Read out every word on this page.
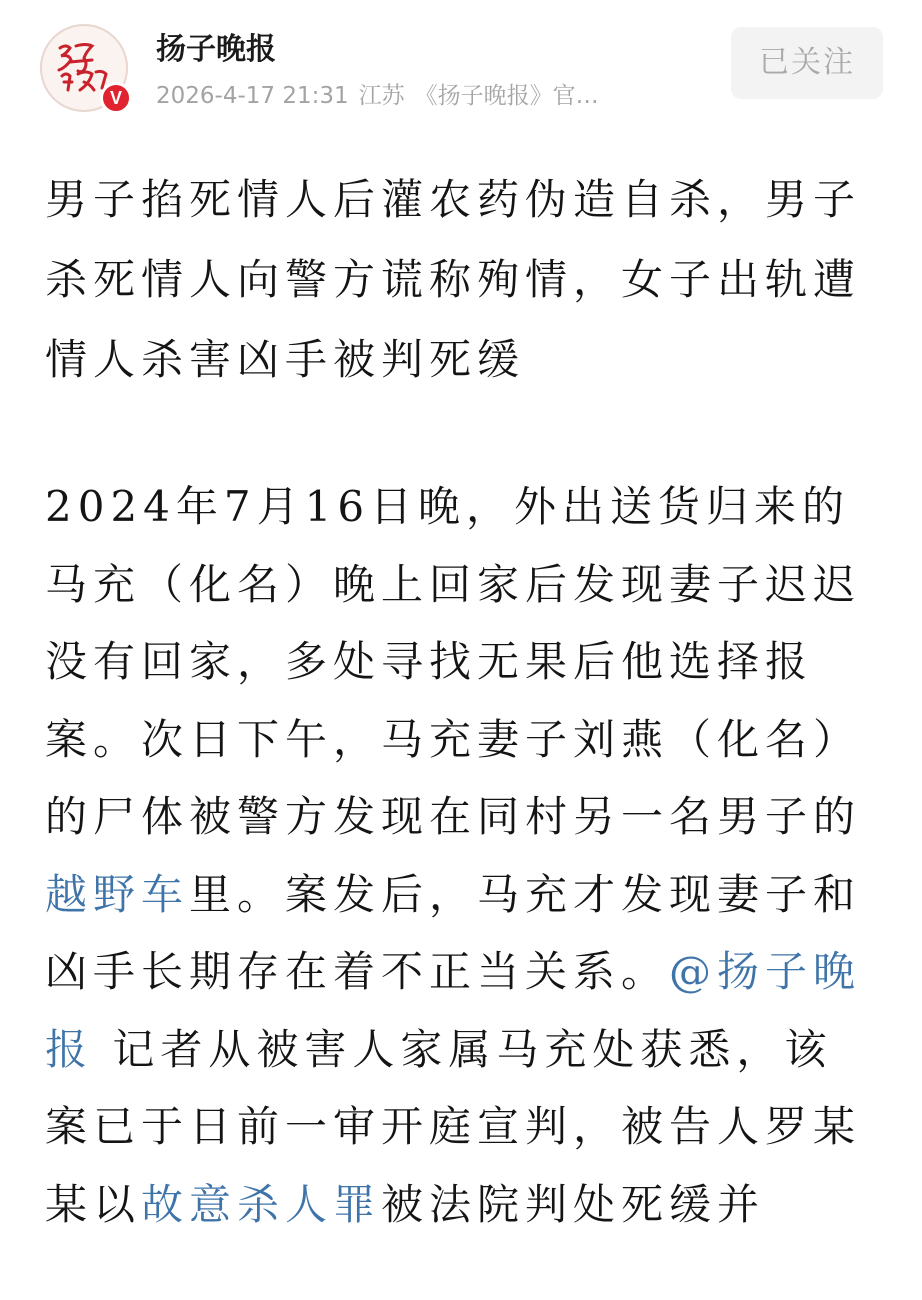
V
扬子晚报
2026-4-17 21:31 江苏 《扬子晚报》官…
已关注
男子掐死情人后灌农药伪造自杀，男子杀死情人向警方谎称殉情，女子出轨遭情人杀害凶手被判死缓

2024年7月16日晚，外出送货归来的马充（化名）晚上回家后发现妻子迟迟没有回家，多处寻找无果后他选择报案。次日下午，马充妻子刘燕（化名）的尸体被警方发现在同村另一名男子的越野车里。案发后，马充才发现妻子和凶手长期存在着不正当关系。@扬子晚报 记者从被害人家属马充处获悉，该案已于日前一审开庭宣判，被告人罗某某以故意杀人罪被法院判处死缓并
